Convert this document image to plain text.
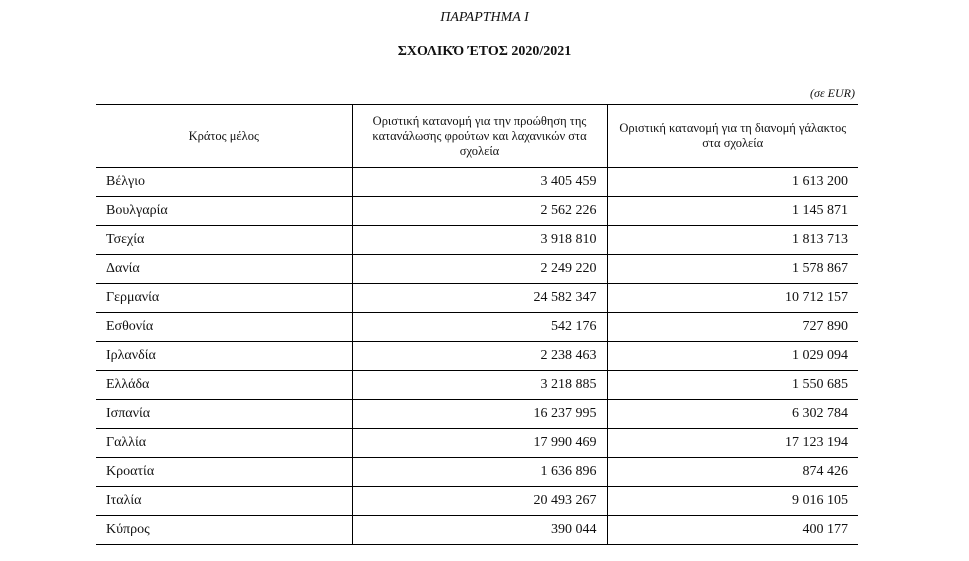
ΠΑΡΑΡΤΗΜΑ I
ΣΧΟΛΙΚΌ ΈΤΟΣ 2020/2021
(σε EUR)
Κράτος μέλος	Οριστική κατανομή για την προώθηση της κατανάλωσης φρούτων και λαχανικών στα σχολεία	Οριστική κατανομή για τη διανομή γάλακτος στα σχολεία
Βέλγιο	3 405 459	1 613 200
Βουλγαρία	2 562 226	1 145 871
Τσεχία	3 918 810	1 813 713
Δανία	2 249 220	1 578 867
Γερμανία	24 582 347	10 712 157
Εσθονία	542 176	727 890
Ιρλανδία	2 238 463	1 029 094
Ελλάδα	3 218 885	1 550 685
Ισπανία	16 237 995	6 302 784
Γαλλία	17 990 469	17 123 194
Κροατία	1 636 896	874 426
Ιταλία	20 493 267	9 016 105
Κύπρος	390 044	400 177
